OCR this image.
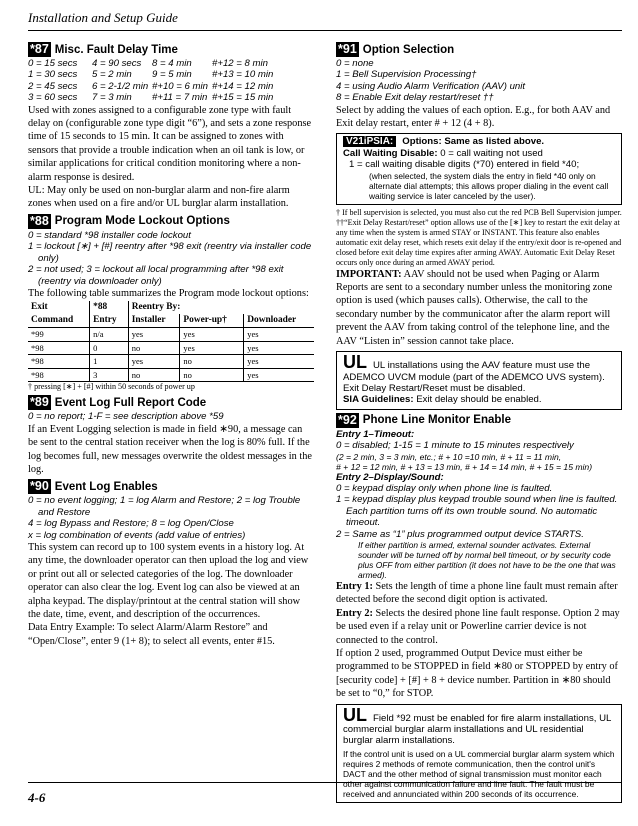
Installation and Setup Guide
*87 Misc. Fault Delay Time
0 = 15 secs	4 = 90 secs	8 = 4 min	#+12 = 8 min
1 = 30 secs	5 = 2 min	9 = 5 min	#+13 = 10 min
2 = 45 secs	6 = 2-1/2 min #+10 = 6 min #+14 = 12 min
3 = 60 secs	7 = 3 min	#+11 = 7 min #+15 = 15 min
Used with zones assigned to a configurable zone type with fault delay on (configurable zone type digit “6”), and sets a zone response time of 15 seconds to 15 min. It can be assigned to zones with sensors that provide a trouble indication when an oil tank is low, or similar applications for critical condition monitoring where a non-alarm response is desired.
UL: May only be used on non-burglar alarm and non-fire alarm zones when used on a fire and/or UL burglar alarm installation.
*88 Program Mode Lockout Options
0 = standard *98 installer code lockout
1 = lockout [∗] + [#] reentry after *98 exit (reentry via installer code only)
2 = not used; 3 = lockout all local programming after *98 exit (reentry via downloader only)
The following table summarizes the Program mode lockout options:
Exit	*88	Reentry By:		
Command	Entry	Installer	Power-up†	Downloader
*99	n/a	yes	yes	yes
*98	0	no	yes	yes
*98	1	yes	no	yes
*98	3	no	no	yes
† pressing [∗] + [#] within 50 seconds of power up
*89 Event Log Full Report Code
0 = no report; 1-F = see description above *59
If an Event Logging selection is made in field ∗90, a message can be sent to the central station receiver when the log is 80% full. If the log becomes full, new messages overwrite the oldest messages in the log.
*90 Event Log Enables
0 = no event logging; 1 = log Alarm and Restore; 2 = log Trouble and Restore
4 = log Bypass and Restore; 8 = log Open/Close
x = log combination of events (add value of entries)
This system can record up to 100 system events in a history log. At any time, the downloader operator can then upload the log and view or print out all or selected categories of the log. The downloader operator can also clear the log. Event log can also be viewed at an alpha keypad. The display/printout at the central station will show the date, time, event, and description of the occurrences.
Data Entry Example: To select Alarm/Alarm Restore” and “Open/Close”, enter 9 (1+ 8); to select all events, enter #15.
*91 Option Selection
0 = none
1 = Bell Supervision Processing†
4 = using Audio Alarm Verification (AAV) unit
8 = Enable Exit delay restart/reset ††
Select by adding the values of each option. E.g., for both AAV and Exit delay restart, enter # + 12 (4 + 8).
V21iPSIA: Options: Same as listed above.
Call Waiting Disable: 0 = call waiting not used
1 = call waiting disable digits (*70) entered in field *40;
(when selected, the system dials the entry in field *40 only on alternate dial attempts; this allows proper dialing in the event call waiting service is later canceled by the user).
† If bell supervision is selected, you must also cut the red PCB Bell Supervision jumper.
††“Exit Delay Restart/reset” option allows use of the [∗] key to restart the exit delay at any time when the system is armed STAY or INSTANT. This feature also enables automatic exit delay reset, which resets exit delay if the entry/exit door is re-opened and closed before exit delay time expires after arming AWAY. Automatic Exit Delay Reset occurs only once during an armed AWAY period.
IMPORTANT: AAV should not be used when Paging or Alarm Reports are sent to a secondary number unless the monitoring zone option is used (which pauses calls). Otherwise, the call to the secondary number by the communicator after the alarm report will prevent the AAV from taking control of the telephone line, and the AAV “Listen in” session cannot take place.
UL UL installations using the AAV feature must use the ADEMCO UVCM module (part of the ADEMCO UVS system). Exit Delay Restart/Reset must be disabled.
SIA Guidelines: Exit delay should be enabled.
*92 Phone Line Monitor Enable
Entry 1–Timeout:
0 = disabled; 1-15 = 1 minute to 15 minutes respectively
(2 = 2 min, 3 = 3 min, etc.; # + 10 =10 min, # + 11 = 11 min,
# + 12 = 12 min, # + 13 = 13 min, # + 14 = 14 min, # + 15 = 15 min)
Entry 2–Display/Sound:
0 = keypad display only when phone line is faulted.
1 = keypad display plus keypad trouble sound when line is faulted. Each partition turns off its own trouble sound. No automatic timeout.
2 = Same as “1” plus programmed output device STARTS.
If either partition is armed, external sounder activates. External sounder will be turned off by normal bell timeout, or by security code plus OFF from either partition (it does not have to be the one that was armed).
Entry 1: Sets the length of time a phone line fault must remain after detected before the second digit option is activated.
Entry 2: Selects the desired phone line fault response. Option 2 may be used even if a relay unit or Powerline carrier device is not connected to the control.
If option 2 used, programmed Output Device must either be programmed to be STOPPED in field ∗80 or STOPPED by entry of [security code] + [#] + 8 + device number. Partition in ∗80 should be set to “0,” for STOP.
UL Field *92 must be enabled for fire alarm installations, UL commercial burglar alarm installations and UL residential burglar alarm installations.
If the control unit is used on a UL commercial burglar alarm system which requires 2 methods of remote communication, then the control unit's DACT and the other method of signal transmission must monitor each other against communication failure and line fault. The fault must be received and annunciated within 200 seconds of its occurrence.
4-6
